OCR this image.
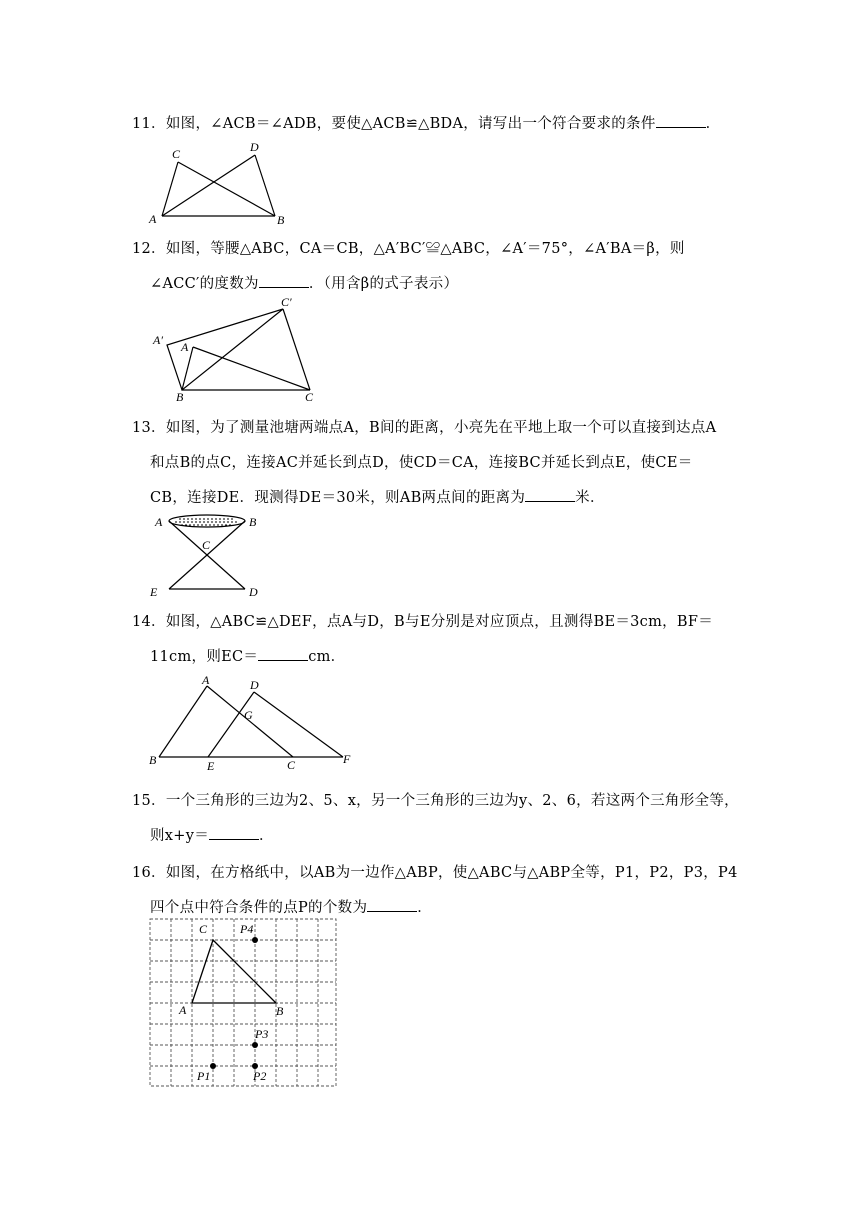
11．如图，∠ACB＝∠ADB，要使△ACB≌△BDA，请写出一个符合要求的条件	．
C	D
A	B
12．如图，等腰△ABC，CA＝CB，△A′BC′≌△ABC，∠A′＝75°，∠A′BA＝β，则
∠ACC′的度数为	．（用含β的式子表示）
C′
A′ A
B	C
13．如图，为了测量池塘两端点A，B间的距离，小亮先在平地上取一个可以直接到达点A
和点B的点C，连接AC并延长到点D，使CD＝CA，连接BC并延长到点E，使CE＝
CB，连接DE．现测得DE＝30米，则AB两点间的距离为	米．
A	B
C
E	D
14．如图，△ABC≌△DEF，点A与D，B与E分别是对应顶点，且测得BE＝3cm，BF＝
11cm，则EC＝	cm．
A	D
G
B	E	C	F
15．一个三角形的三边为2、5、x，另一个三角形的三边为y、2、6，若这两个三角形全等，
则x+y＝	．
16．如图，在方格纸中，以AB为一边作△ABP，使△ABC与△ABP全等，P1，P2，P3，P4
四个点中符合条件的点P的个数为	．
C	P4
A	B
P3
P1	P2
